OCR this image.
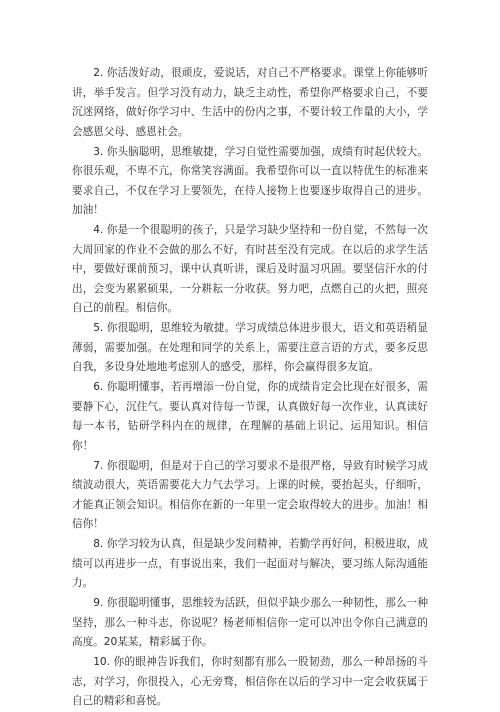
2. 你活泼好动，很顽皮，爱说话，对自己不严格要求。课堂上你能够听讲，举手发言。但学习没有动力，缺乏主动性，希望你严格要求自己，不要沉迷网络，做好你学习中、生活中的份内之事，不要计较工作量的大小，学会感恩父母、感恩社会。

3. 你头脑聪明，思维敏捷，学习自觉性需要加强，成绩有时起伏较大。你很乐观，不卑不亢，你常笑容满面。我希望你可以一直以特优生的标准来要求自己，不仅在学习上要领先，在待人接物上也要逐步取得自己的进步。加油！

4. 你是一个很聪明的孩子，只是学习缺少坚持和一份自觉，不然每一次大周回家的作业不会做的那么不好，有时甚至没有完成。在以后的求学生活中，要做好课前预习，课中认真听讲，课后及时温习巩固。要坚信汗水的付出，会变为累累硕果，一分耕耘一分收获。努力吧，点燃自己的火把，照亮自己的前程。相信你。

5. 你很聪明，思维较为敏捷。学习成绩总体进步很大，语文和英语稍显薄弱，需要加强。在处理和同学的关系上，需要注意言语的方式，要多反思自我，多设身处地地考虑别人的感受，那样，你会赢得很多友谊。

6. 你聪明懂事，若再增添一份自觉，你的成绩肯定会比现在好很多，需要静下心，沉住气。要认真对待每一节课，认真做好每一次作业，认真读好每一本书，钻研学科内在的规律，在理解的基础上识记、运用知识。相信你！

7. 你很聪明，但是对于自己的学习要求不是很严格，导致有时候学习成绩波动很大，英语需要花大力气去学习。上课的时候，要抬起头，仔细听，才能真正领会知识。相信你在新的一年里一定会取得较大的进步。加油！相信你！

8. 你学习较为认真，但是缺少发问精神，若勤学再好问，积极进取，成绩可以再进步一点，有事说出来，我们一起面对与解决，要习练人际沟通能力。

9. 你很聪明懂事，思维较为活跃，但似乎缺少那么一种韧性，那么一种坚持，那么一种斗志，你说呢？杨老师相信你一定可以冲出令你自己满意的高度。20某某，精彩属于你。

10. 你的眼神告诉我们，你时刻都有那么一股韧劲，那么一种昂扬的斗志，对学习，你很投入，心无旁骛，相信你在以后的学习中一定会收获属于自己的精彩和喜悦。
